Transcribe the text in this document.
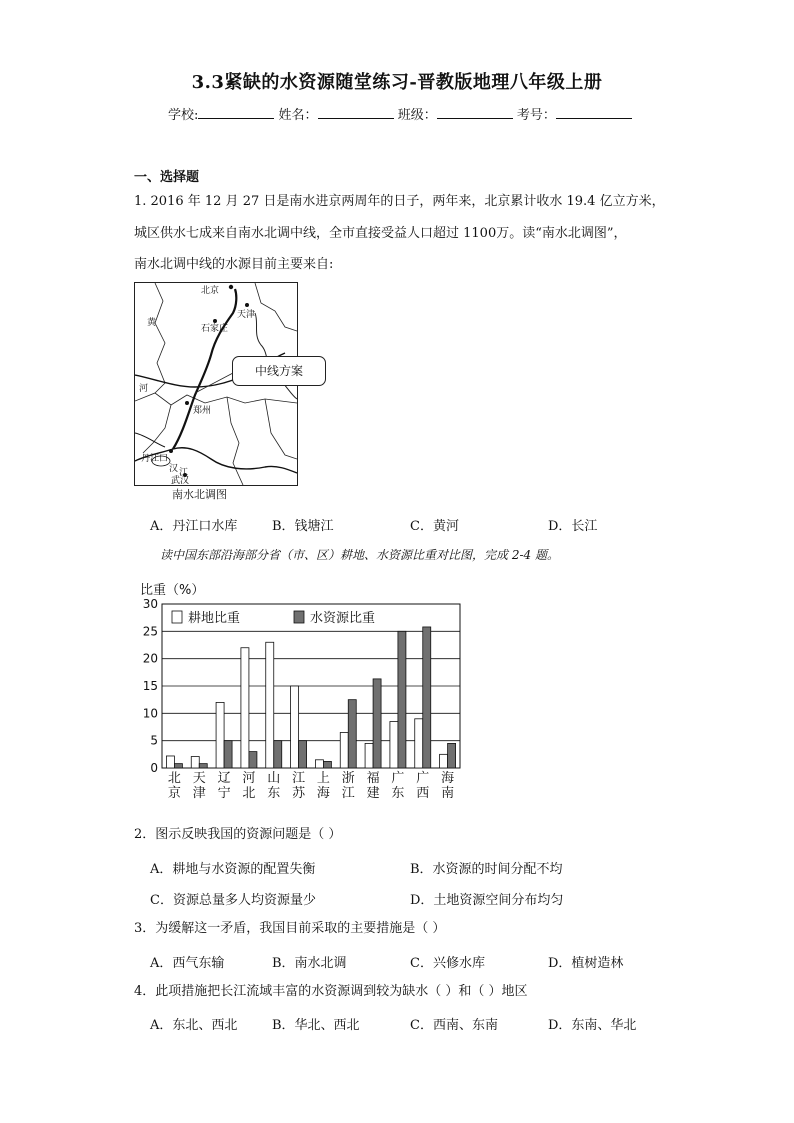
3.3紧缺的水资源随堂练习-晋教版地理八年级上册
学校:	姓名：	班级：	考号：
一、选择题
1. 2016 年 12 月 27 日是南水进京两周年的日子，两年来，北京累计收水 19.4 亿立方米，
城区供水七成来自南水北调中线，全市直接受益人口超过 1100万。读“南水北调图”，
南水北调中线的水源目前主要来自:
北京
天津
石家庄
郑州
丹江口
武汉
黄
河
汉 江
中线方案
南水北调图
A．丹江口水库	B．钱塘江	C．黄河	D．长江
读中国东部沿海部分省（市、区）耕地、水资源比重对比图，完成 2-4 题。
比重（%）
0
5
10
15
20
25
30
北
京
天
津
辽
宁
河
北
山
东
江
苏
上
海
浙
江
福
建
广
东
广
西
海
南
耕地比重	水资源比重
2．图示反映我国的资源问题是（ ）
A．耕地与水资源的配置失衡	B．水资源的时间分配不均
C．资源总量多人均资源量少	D．土地资源空间分布均匀
3．为缓解这一矛盾，我国目前采取的主要措施是（ ）
A．西气东输	B．南水北调	C．兴修水库	D．植树造林
4．此项措施把长江流域丰富的水资源调到较为缺水（ ）和（ ）地区
A．东北、西北	B．华北、西北	C．西南、东南	D．东南、华北
